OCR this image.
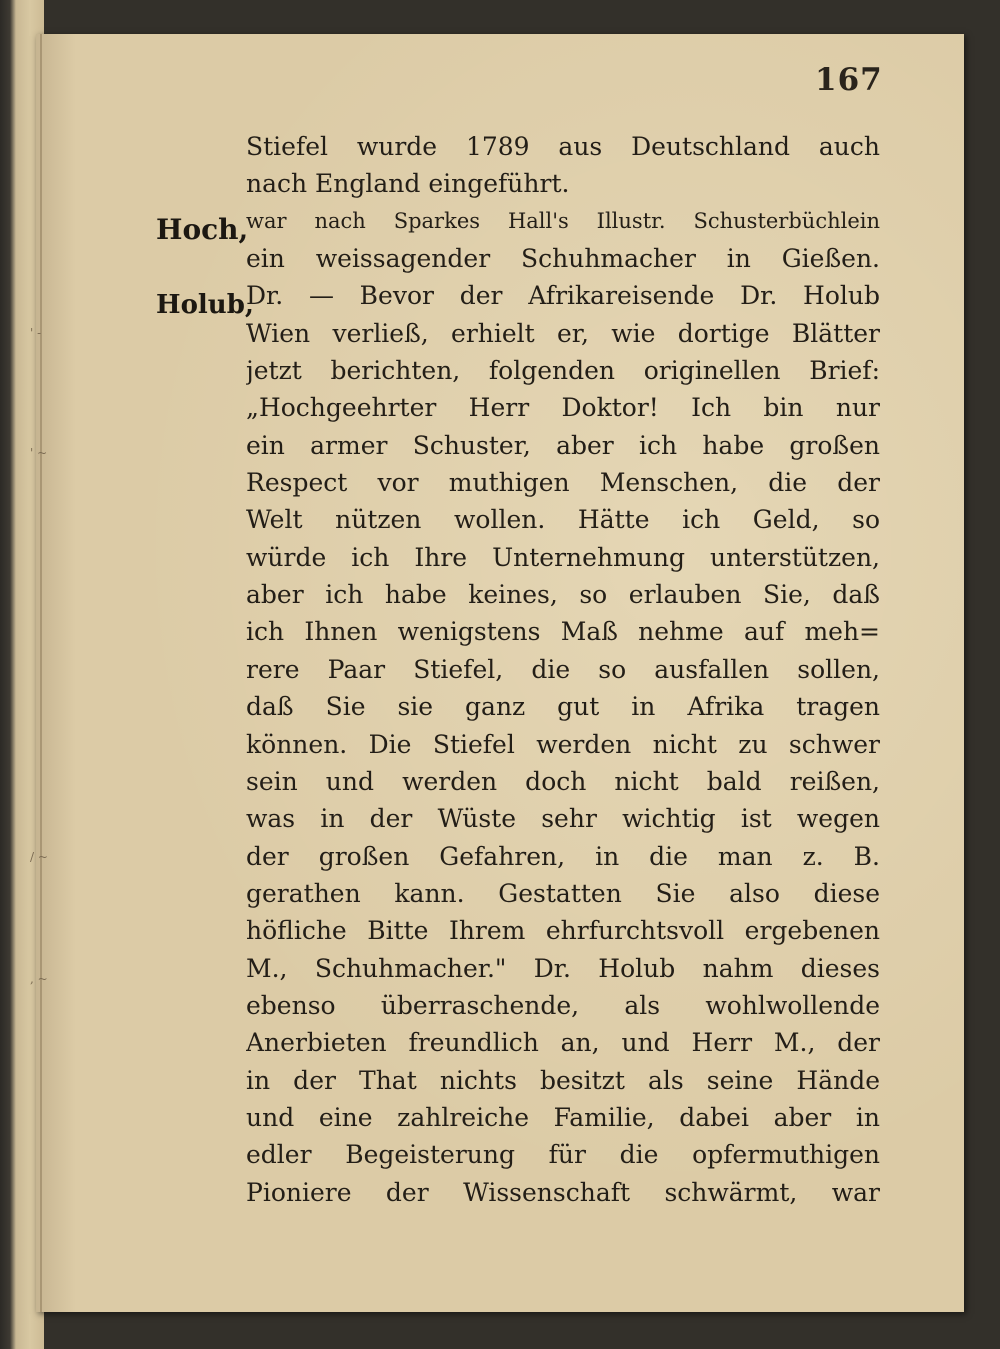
' -
' ~
/ ~
, ~
167
Hoch,
Holub,
Stiefel wurde 1789 aus Deutschland auch
nach England eingeführt.
war nach Sparkes Hall's Illustr. Schusterbüchlein
ein weissagender Schuhmacher in Gießen.
Dr. — Bevor der Afrikareisende Dr. Holub
Wien verließ, erhielt er, wie dortige Blätter
jetzt berichten, folgenden originellen Brief:
„Hochgeehrter Herr Doktor! Ich bin nur
ein armer Schuster, aber ich habe großen
Respect vor muthigen Menschen, die der
Welt nützen wollen. Hätte ich Geld, so
würde ich Ihre Unternehmung unterstützen,
aber ich habe keines, so erlauben Sie, daß
ich Ihnen wenigstens Maß nehme auf meh=
rere Paar Stiefel, die so ausfallen sollen,
daß Sie sie ganz gut in Afrika tragen
können. Die Stiefel werden nicht zu schwer
sein und werden doch nicht bald reißen,
was in der Wüste sehr wichtig ist wegen
der großen Gefahren, in die man z. B.
gerathen kann. Gestatten Sie also diese
höfliche Bitte Ihrem ehrfurchtsvoll ergebenen
M., Schuhmacher." Dr. Holub nahm dieses
ebenso überraschende, als wohlwollende
Anerbieten freundlich an, und Herr M., der
in der That nichts besitzt als seine Hände
und eine zahlreiche Familie, dabei aber in
edler Begeisterung für die opfermuthigen
Pioniere der Wissenschaft schwärmt, war
